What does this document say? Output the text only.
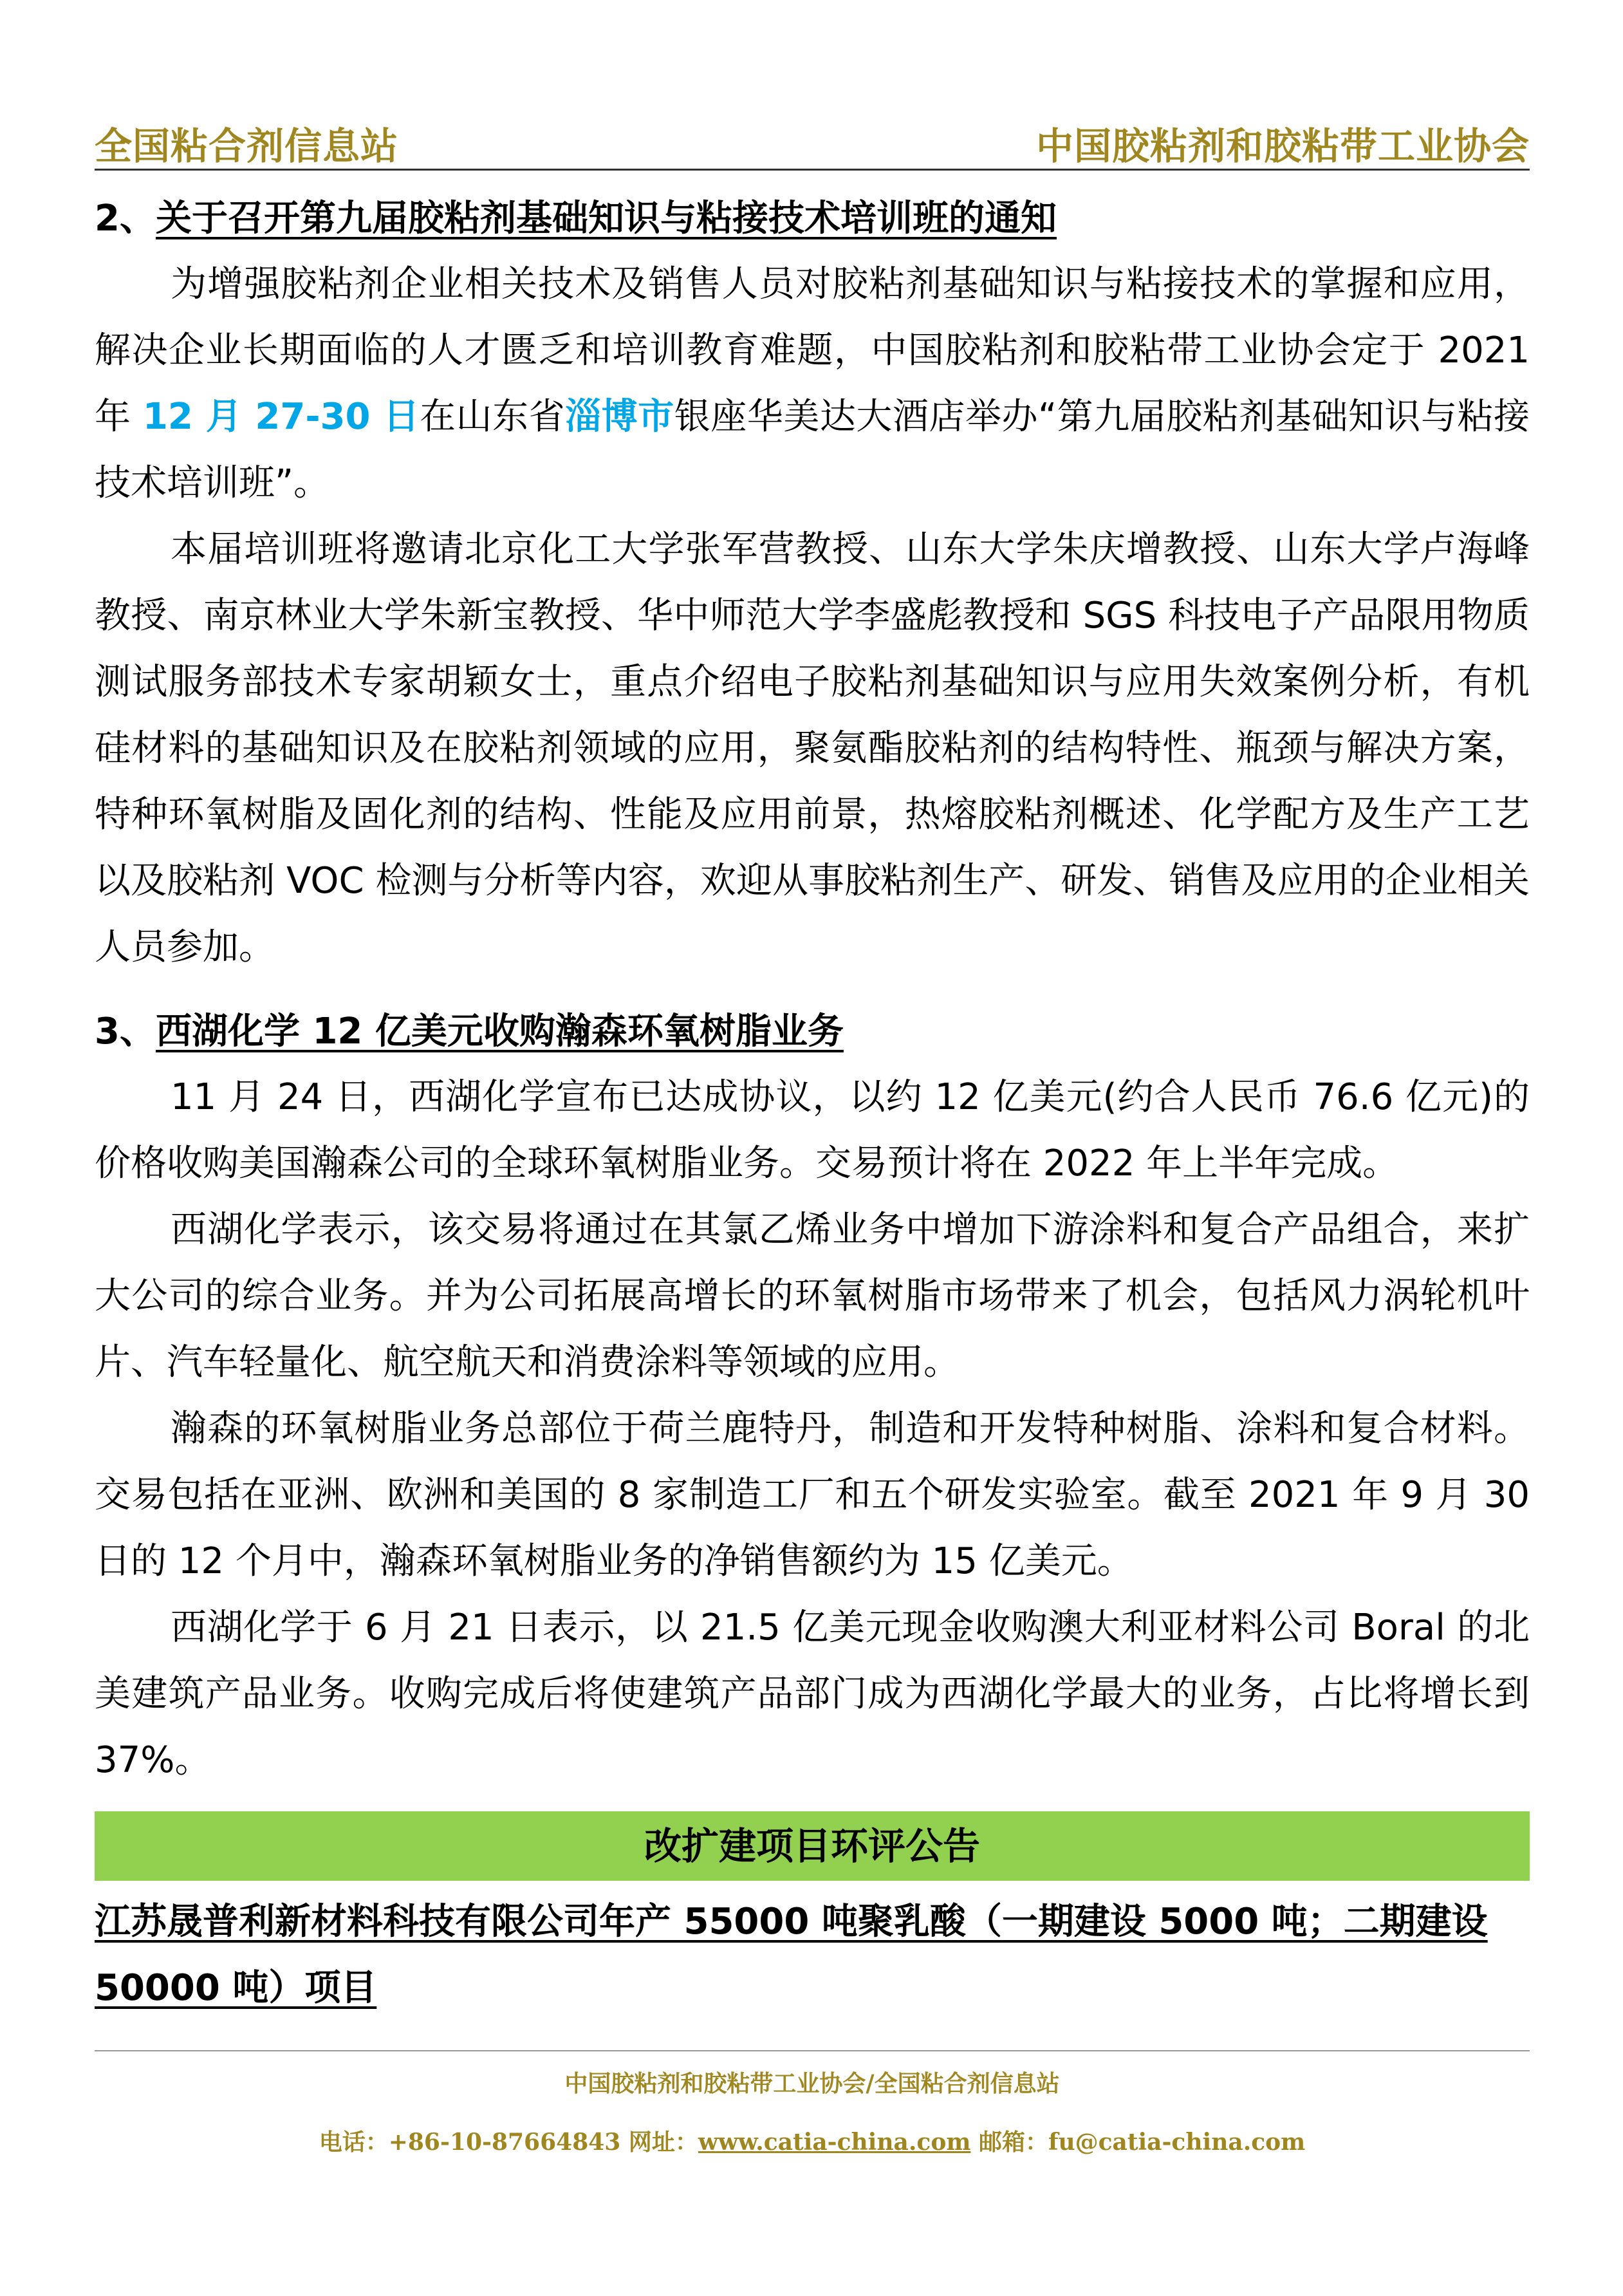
全国粘合剂信息站	中国胶粘剂和胶粘带工业协会
2、关于召开第九届胶粘剂基础知识与粘接技术培训班的通知

为增强胶粘剂企业相关技术及销售人员对胶粘剂基础知识与粘接技术的掌握和应用，解决企业长期面临的人才匮乏和培训教育难题，中国胶粘剂和胶粘带工业协会定于 2021 年 12 月 27-30 日在山东省淄博市银座华美达大酒店举办“第九届胶粘剂基础知识与粘接技术培训班”。

本届培训班将邀请北京化工大学张军营教授、山东大学朱庆增教授、山东大学卢海峰教授、南京林业大学朱新宝教授、华中师范大学李盛彪教授和 SGS 科技电子产品限用物质测试服务部技术专家胡颖女士，重点介绍电子胶粘剂基础知识与应用失效案例分析，有机硅材料的基础知识及在胶粘剂领域的应用，聚氨酯胶粘剂的结构特性、瓶颈与解决方案，特种环氧树脂及固化剂的结构、性能及应用前景，热熔胶粘剂概述、化学配方及生产工艺以及胶粘剂 VOC 检测与分析等内容，欢迎从事胶粘剂生产、研发、销售及应用的企业相关人员参加。

3、西湖化学 12 亿美元收购瀚森环氧树脂业务

11 月 24 日，西湖化学宣布已达成协议，以约 12 亿美元(约合人民币 76.6 亿元)的价格收购美国瀚森公司的全球环氧树脂业务。交易预计将在 2022 年上半年完成。

西湖化学表示，该交易将通过在其氯乙烯业务中增加下游涂料和复合产品组合，来扩大公司的综合业务。并为公司拓展高增长的环氧树脂市场带来了机会，包括风力涡轮机叶片、汽车轻量化、航空航天和消费涂料等领域的应用。

瀚森的环氧树脂业务总部位于荷兰鹿特丹，制造和开发特种树脂、涂料和复合材料。交易包括在亚洲、欧洲和美国的 8 家制造工厂和五个研发实验室。截至 2021 年 9 月 30 日的 12 个月中，瀚森环氧树脂业务的净销售额约为 15 亿美元。

西湖化学于 6 月 21 日表示，以 21.5 亿美元现金收购澳大利亚材料公司 Boral 的北美建筑产品业务。收购完成后将使建筑产品部门成为西湖化学最大的业务，占比将增长到 37%。

改扩建项目环评公告
江苏晟普利新材料科技有限公司年产 55000 吨聚乳酸（一期建设 5000 吨；二期建设 50000 吨）项目
中国胶粘剂和胶粘带工业协会/全国粘合剂信息站
电话：+86-10-87664843 网址：www.catia-china.com 邮箱：fu@catia-china.com
